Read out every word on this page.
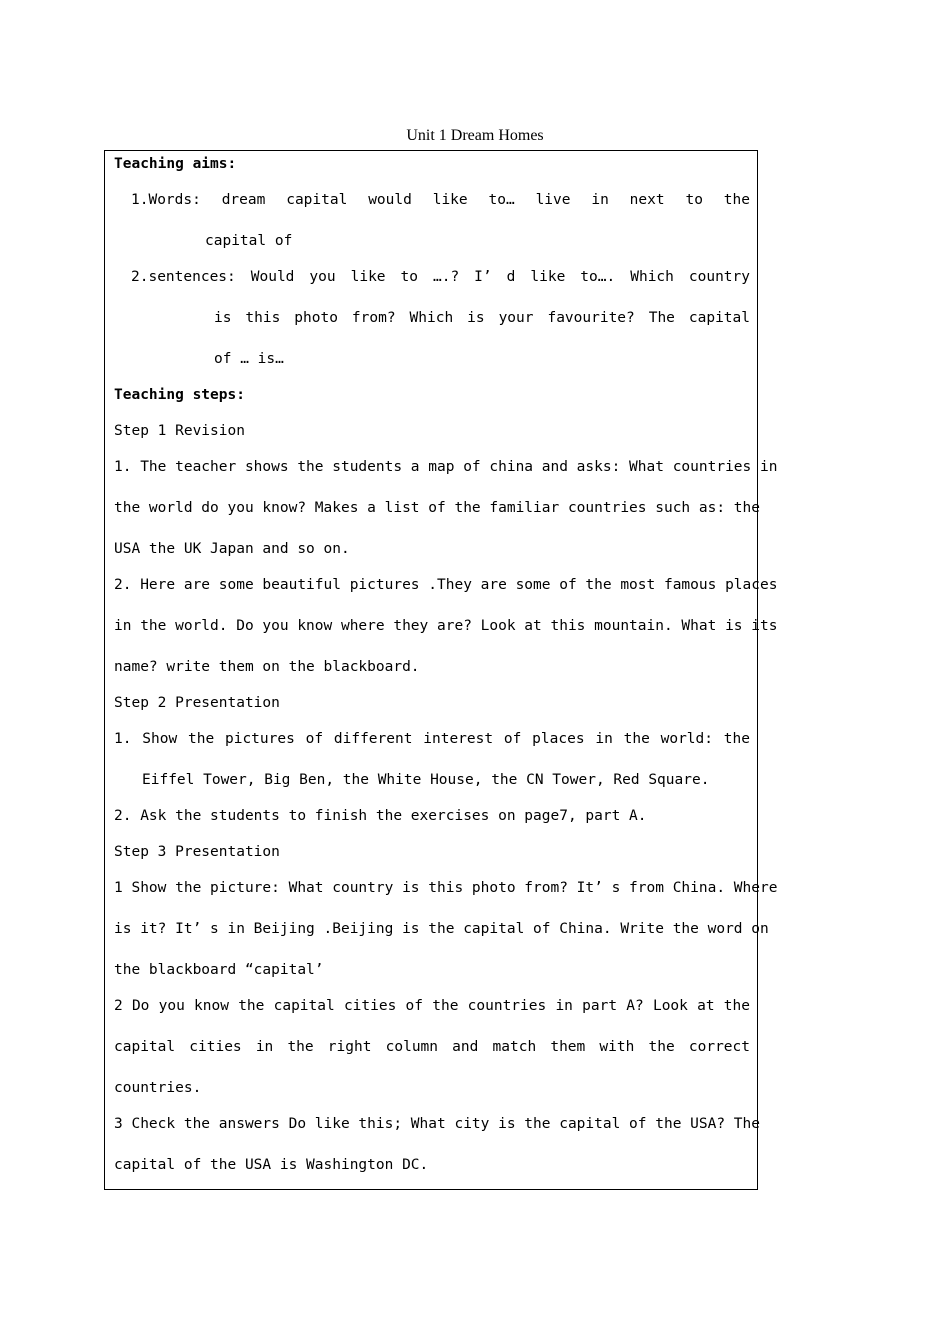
Unit 1 Dream Homes
Teaching aims:
1.Words: dream capital would like to… live in next to the
capital of
2.sentences: Would you like to ….? I’ d like to…. Which country
is this photo from? Which is your favourite? The capital
of … is…
Teaching steps:
Step 1 Revision
1. The teacher shows the students a map of china and asks: What countries in
the world do you know? Makes a list of the familiar countries such as: the
USA the UK Japan and so on.
2. Here are some beautiful pictures .They are some of the most famous places
in the world. Do you know where they are? Look at this mountain. What is its
name? write them on the blackboard.
Step 2 Presentation
1. Show the pictures of different interest of places in the world: the
Eiffel Tower, Big Ben, the White House, the CN Tower, Red Square.
2. Ask the students to finish the exercises on page7, part A.
Step 3 Presentation
1 Show the picture: What country is this photo from? It’ s from China. Where
is it? It’ s in Beijing .Beijing is the capital of China. Write the word on
the blackboard “capital’
2 Do you know the capital cities of the countries in part A? Look at the
capital cities in the right column and match them with the correct
countries.
3 Check the answers Do like this; What city is the capital of the USA? The
capital of the USA is Washington DC.
